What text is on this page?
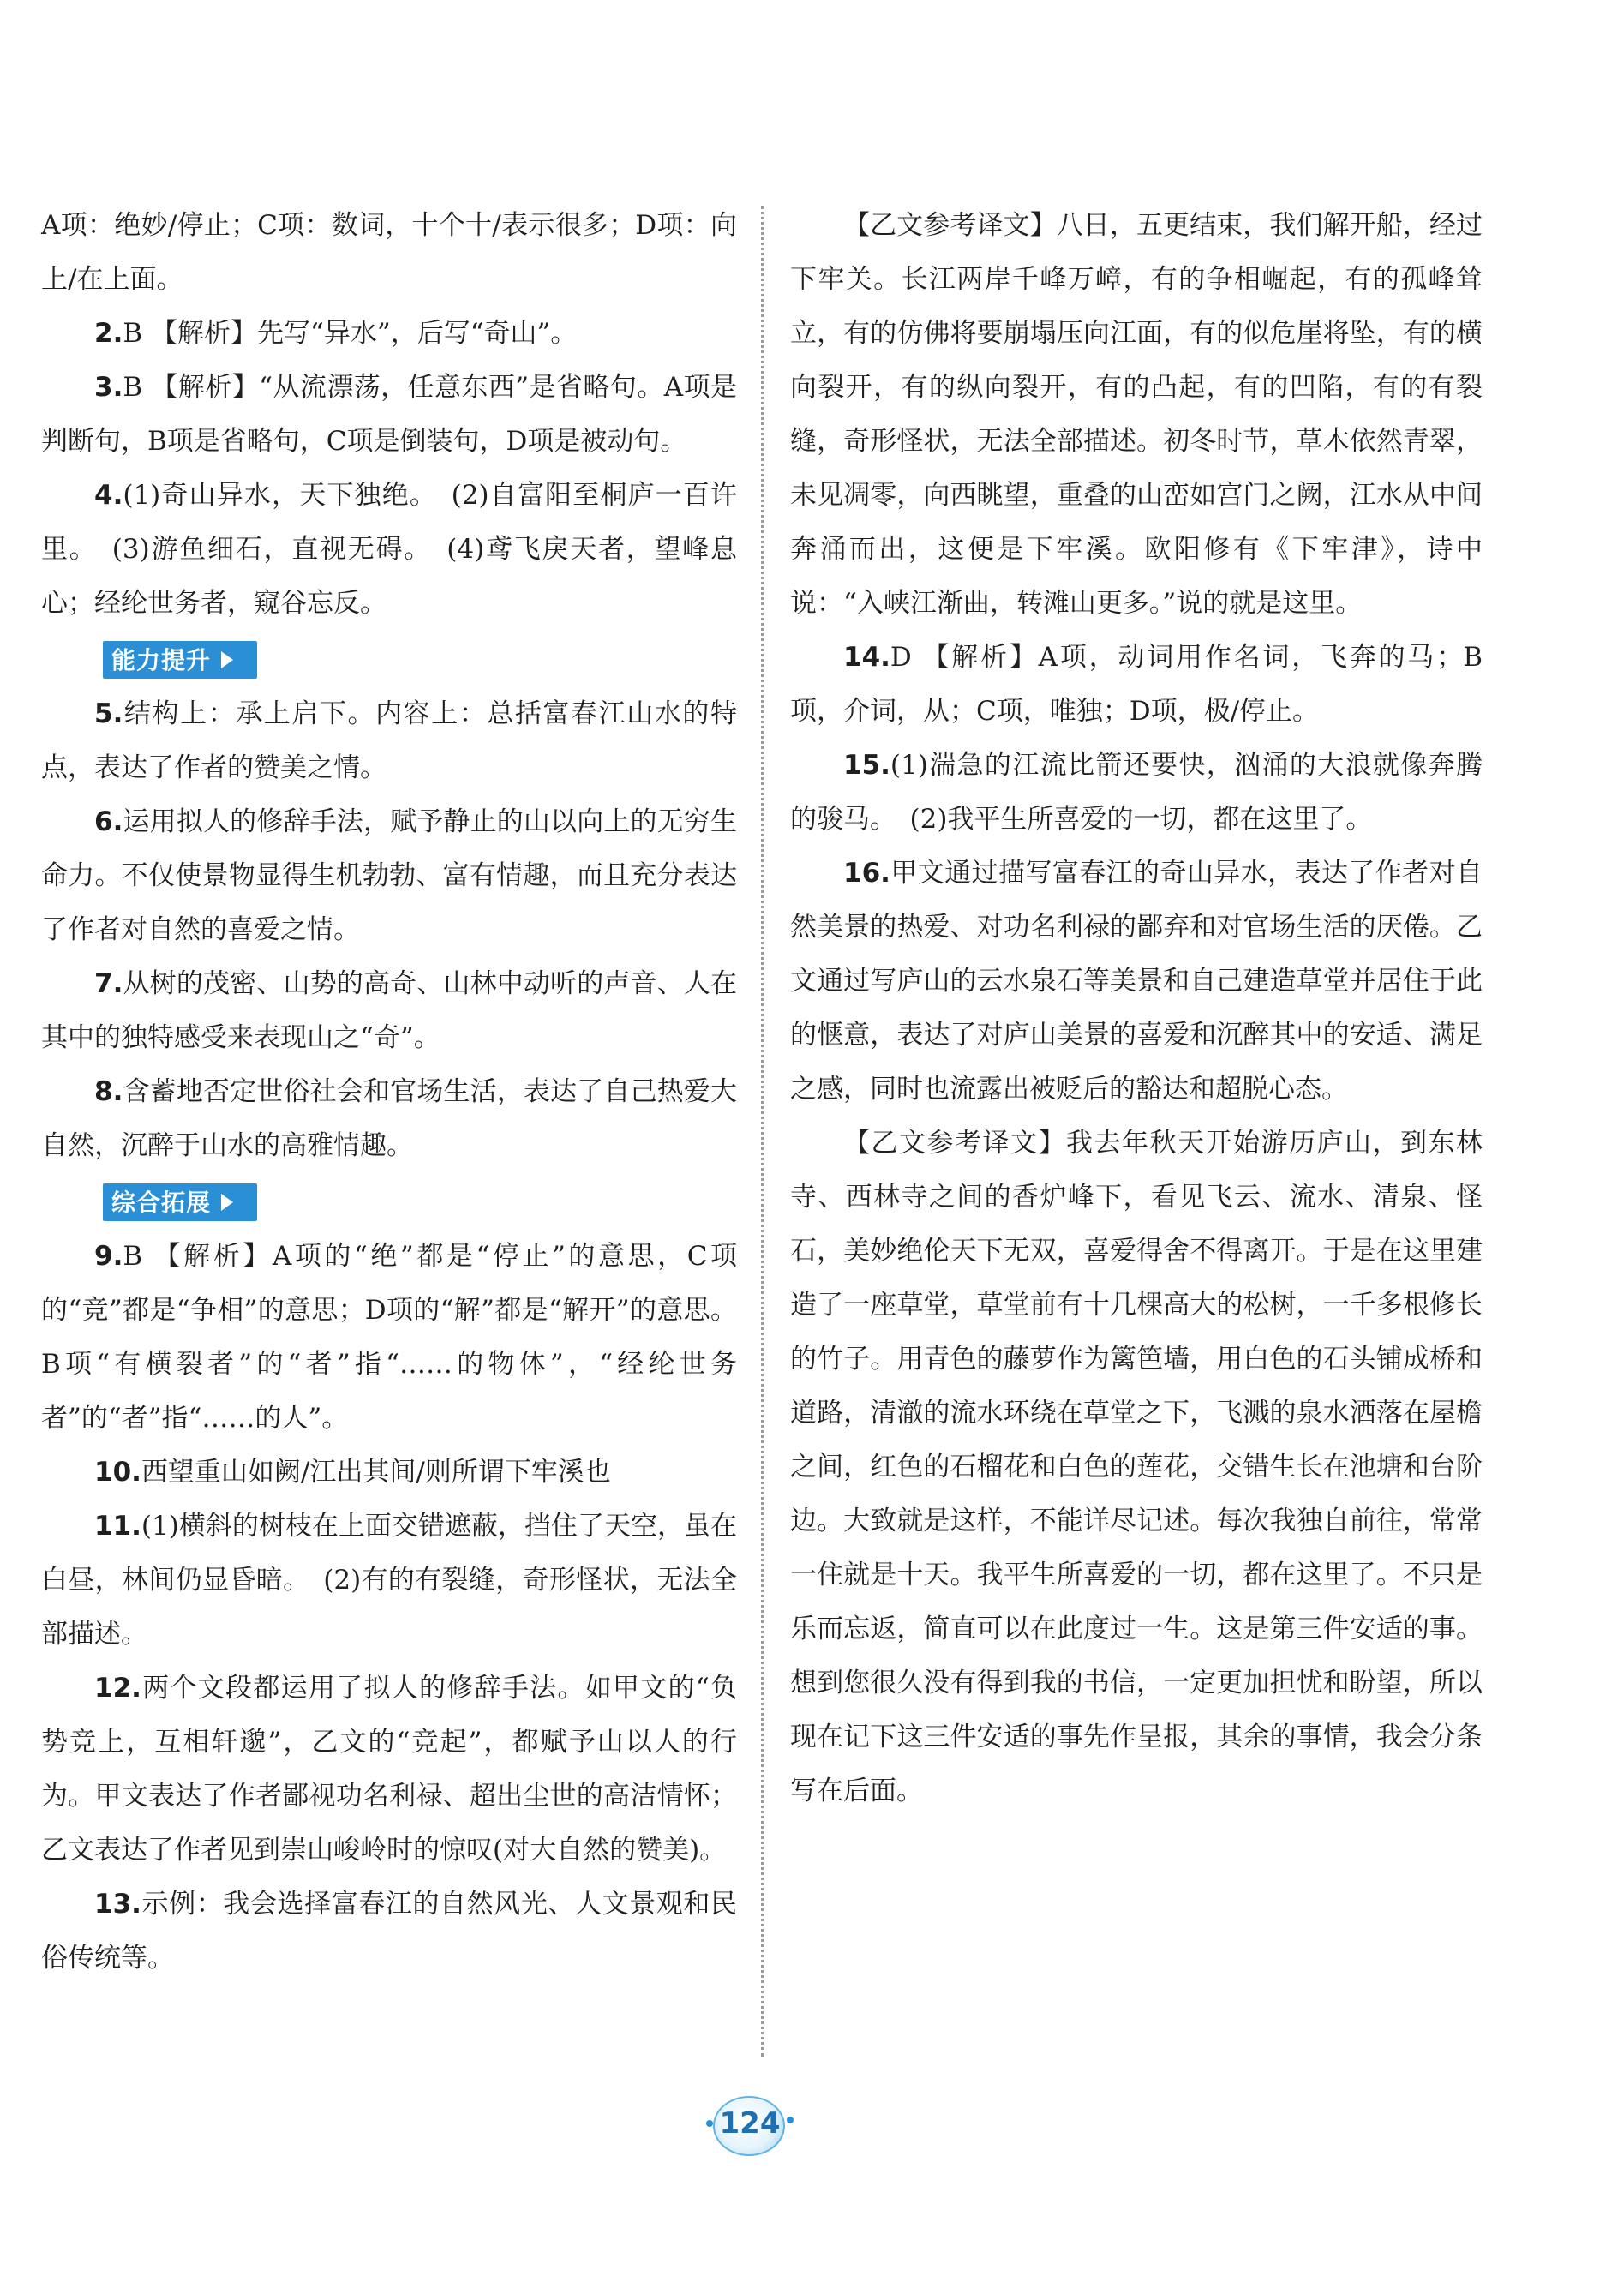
A项：绝妙/停止；C项：数词，十个十/表示很多；D项：向上/在上面。

2.B 【解析】先写“异水”，后写“奇山”。

3.B 【解析】“从流漂荡，任意东西”是省略句。A项是判断句，B项是省略句，C项是倒装句，D项是被动句。

4.(1)奇山异水，天下独绝。　(2)自富阳至桐庐一百许里。　(3)游鱼细石，直视无碍。　(4)鸢飞戾天者，望峰息心；经纶世务者，窥谷忘反。

能力提升

5.结构上：承上启下。内容上：总括富春江山水的特点，表达了作者的赞美之情。

6.运用拟人的修辞手法，赋予静止的山以向上的无穷生命力。不仅使景物显得生机勃勃、富有情趣，而且充分表达了作者对自然的喜爱之情。

7.从树的茂密、山势的高奇、山林中动听的声音、人在其中的独特感受来表现山之“奇”。

8.含蓄地否定世俗社会和官场生活，表达了自己热爱大自然，沉醉于山水的高雅情趣。

综合拓展

9.B 【解析】A项的“绝”都是“停止”的意思，C项的“竞”都是“争相”的意思；D项的“解”都是“解开”的意思。B项“有横裂者”的“者”指“……的物体”，“经纶世务者”的“者”指“……的人”。

10.西望重山如阙/江出其间/则所谓下牢溪也

11.(1)横斜的树枝在上面交错遮蔽，挡住了天空，虽在白昼，林间仍显昏暗。　(2)有的有裂缝，奇形怪状，无法全部描述。

12.两个文段都运用了拟人的修辞手法。如甲文的“负势竞上，互相轩邈”，乙文的“竞起”，都赋予山以人的行为。甲文表达了作者鄙视功名利禄、超出尘世的高洁情怀；乙文表达了作者见到崇山峻岭时的惊叹(对大自然的赞美)。

13.示例：我会选择富春江的自然风光、人文景观和民俗传统等。

【乙文参考译文】八日，五更结束，我们解开船，经过下牢关。长江两岸千峰万嶂，有的争相崛起，有的孤峰耸立，有的仿佛将要崩塌压向江面，有的似危崖将坠，有的横向裂开，有的纵向裂开，有的凸起，有的凹陷，有的有裂缝，奇形怪状，无法全部描述。初冬时节，草木依然青翠，未见凋零，向西眺望，重叠的山峦如宫门之阙，江水从中间奔涌而出，这便是下牢溪。欧阳修有《下牢津》，诗中说：“入峡江渐曲，转滩山更多。”说的就是这里。

14.D 【解析】A项，动词用作名词，飞奔的马；B项，介词，从；C项，唯独；D项，极/停止。

15.(1)湍急的江流比箭还要快，汹涌的大浪就像奔腾的骏马。　(2)我平生所喜爱的一切，都在这里了。

16.甲文通过描写富春江的奇山异水，表达了作者对自然美景的热爱、对功名利禄的鄙弃和对官场生活的厌倦。乙文通过写庐山的云水泉石等美景和自己建造草堂并居住于此的惬意，表达了对庐山美景的喜爱和沉醉其中的安适、满足之感，同时也流露出被贬后的豁达和超脱心态。

【乙文参考译文】我去年秋天开始游历庐山，到东林寺、西林寺之间的香炉峰下，看见飞云、流水、清泉、怪石，美妙绝伦天下无双，喜爱得舍不得离开。于是在这里建造了一座草堂，草堂前有十几棵高大的松树，一千多根修长的竹子。用青色的藤萝作为篱笆墙，用白色的石头铺成桥和道路，清澈的流水环绕在草堂之下，飞溅的泉水洒落在屋檐之间，红色的石榴花和白色的莲花，交错生长在池塘和台阶边。大致就是这样，不能详尽记述。每次我独自前往，常常一住就是十天。我平生所喜爱的一切，都在这里了。不只是乐而忘返，简直可以在此度过一生。这是第三件安适的事。想到您很久没有得到我的书信，一定更加担忧和盼望，所以现在记下这三件安适的事先作呈报，其余的事情，我会分条写在后面。

124
